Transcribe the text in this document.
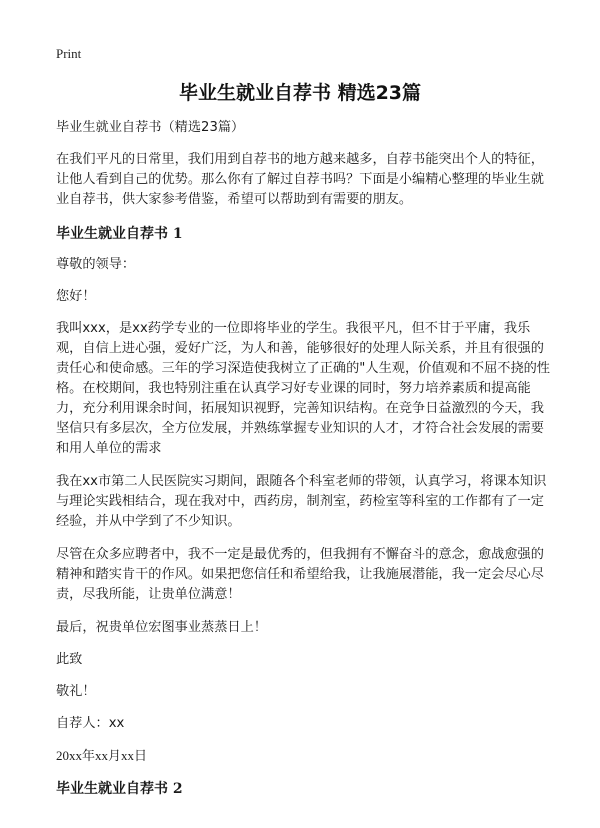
Print
毕业生就业自荐书 精选23篇

毕业生就业自荐书（精选23篇）

在我们平凡的日常里，我们用到自荐书的地方越来越多，自荐书能突出个人的特征，让他人看到自己的优势。那么你有了解过自荐书吗？下面是小编精心整理的毕业生就业自荐书，供大家参考借鉴，希望可以帮助到有需要的朋友。

毕业生就业自荐书 1

尊敬的领导：

您好！

我叫xxx，是xx药学专业的一位即将毕业的学生。我很平凡，但不甘于平庸，我乐观，自信上进心强，爱好广泛，为人和善，能够很好的处理人际关系，并且有很强的责任心和使命感。三年的学习深造使我树立了正确的"人生观，价值观和不屈不挠的性格。在校期间，我也特别注重在认真学习好专业课的同时，努力培养素质和提高能力，充分利用课余时间，拓展知识视野，完善知识结构。在竞争日益激烈的今天，我坚信只有多层次，全方位发展，并熟练掌握专业知识的人才，才符合社会发展的需要和用人单位的需求

我在xx市第二人民医院实习期间，跟随各个科室老师的带领，认真学习，将课本知识与理论实践相结合，现在我对中，西药房，制剂室，药检室等科室的工作都有了一定经验，并从中学到了不少知识。

尽管在众多应聘者中，我不一定是最优秀的，但我拥有不懈奋斗的意念，愈战愈强的精神和踏实肯干的作风。如果把您信任和希望给我，让我施展潜能，我一定会尽心尽责，尽我所能，让贵单位满意！

最后，祝贵单位宏图事业蒸蒸日上！

此致

敬礼！

自荐人：xx

20xx年xx月xx日

毕业生就业自荐书 2
